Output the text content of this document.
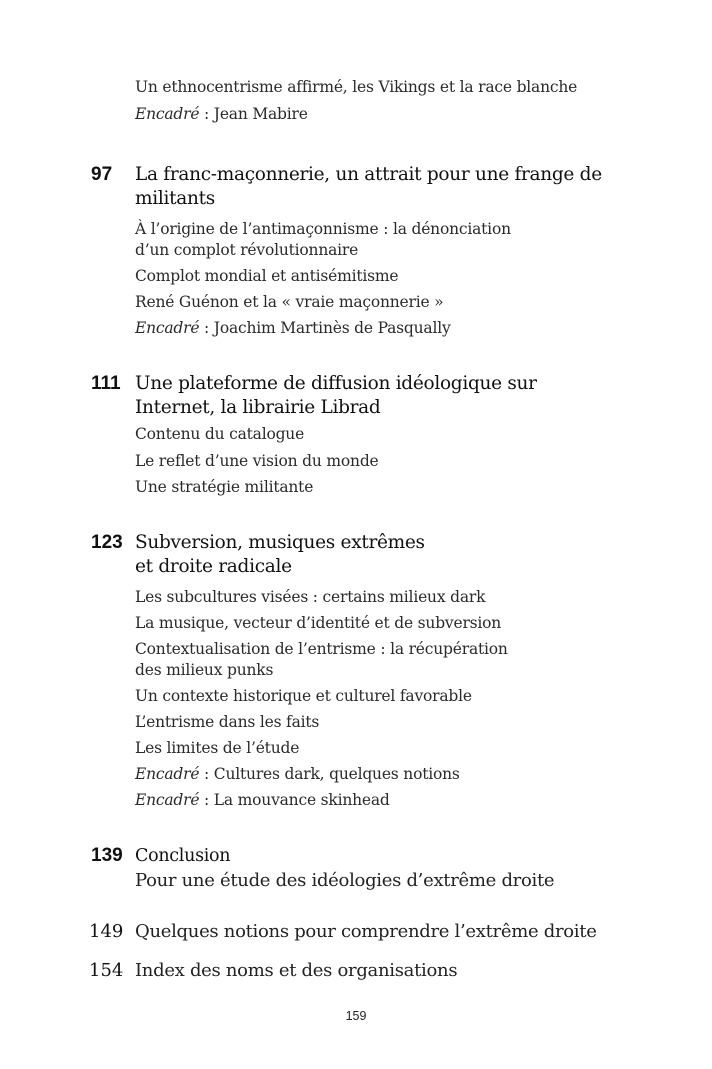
Un ethnocentrisme affirmé, les Vikings et la race blanche
Encadré : Jean Mabire
97 La franc-maçonnerie, un attrait pour une frange de
militants
À l’origine de l’antimaçonnisme : la dénonciation
d’un complot révolutionnaire
Complot mondial et antisémitisme
René Guénon et la « vraie maçonnerie »
Encadré : Joachim Martinès de Pasqually
111 Une plateforme de diffusion idéologique sur
Internet, la librairie Librad
Contenu du catalogue
Le reflet d’une vision du monde
Une stratégie militante
123 Subversion, musiques extrêmes
et droite radicale
Les subcultures visées : certains milieux dark
La musique, vecteur d’identité et de subversion
Contextualisation de l’entrisme : la récupération
des milieux punks
Un contexte historique et culturel favorable
L’entrisme dans les faits
Les limites de l’étude
Encadré : Cultures dark, quelques notions
Encadré : La mouvance skinhead
139 Conclusion
Pour une étude des idéologies d’extrême droite
149 Quelques notions pour comprendre l’extrême droite
154 Index des noms et des organisations
159
